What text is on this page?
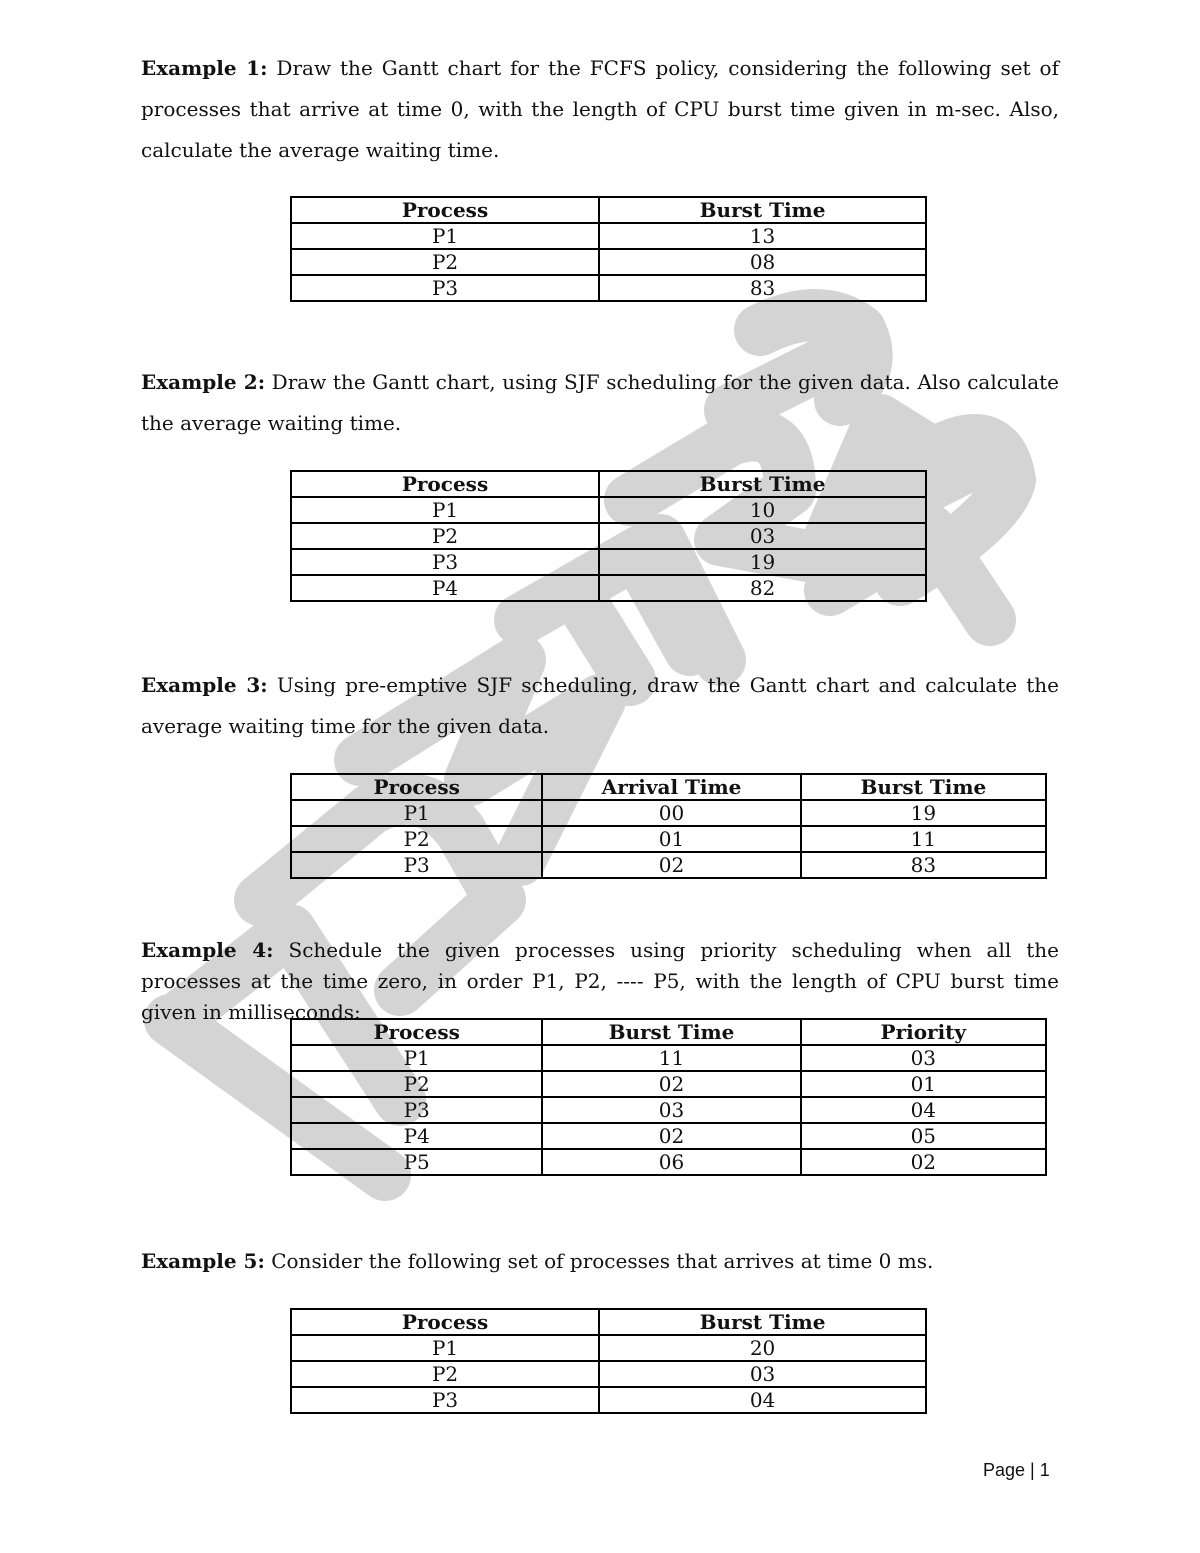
Example 1: Draw the Gantt chart for the FCFS policy, considering the following set of processes that arrive at time 0, with the length of CPU burst time given in m-sec. Also, calculate the average waiting time.

Process	Burst Time
P1	13
P2	08
P3	83

Example 2: Draw the Gantt chart, using SJF scheduling for the given data. Also calculate the average waiting time.

Process	Burst Time
P1	10
P2	03
P3	19
P4	82

Example 3: Using pre-emptive SJF scheduling, draw the Gantt chart and calculate the average waiting time for the given data.

Process	Arrival Time	Burst Time
P1	00	19
P2	01	11
P3	02	83

Example 4: Schedule the given processes using priority scheduling when all the processes at the time zero, in order P1, P2, ---- P5, with the length of CPU burst time given in milliseconds:

Process	Burst Time	Priority
P1	11	03
P2	02	01
P3	03	04
P4	02	05
P5	06	02

Example 5: Consider the following set of processes that arrives at time 0 ms.

Process	Burst Time
P1	20
P2	03
P3	04
Page | 1
